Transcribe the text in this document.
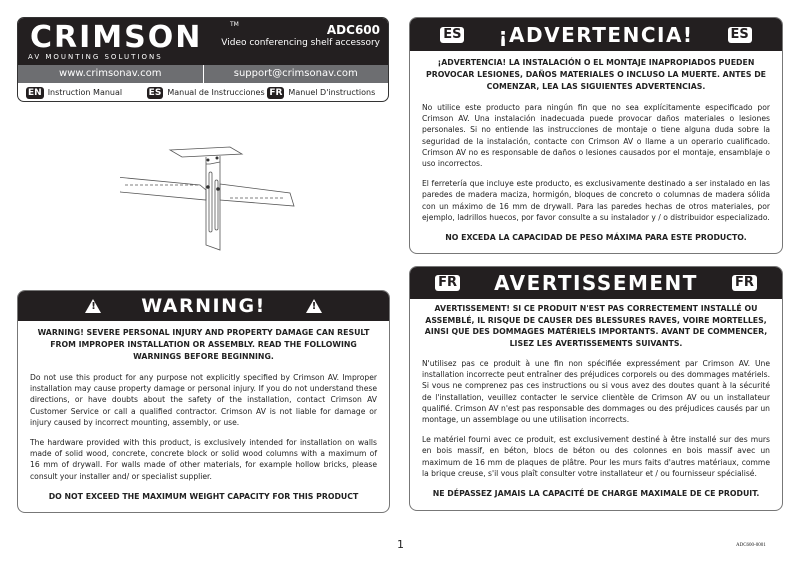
CRIMSON	TM
AV MOUNTING SOLUTIONS
ADC600
Video conferencing shelf accessory
www.crimsonav.com	support@crimsonav.com
EN Instruction Manual	ES Manual de Instrucciones FR Manuel D'instructions
! WARNING!	!
WARNING! SEVERE PERSONAL INJURY AND PROPERTY DAMAGE CAN RESULT FROM IMPROPER INSTALLATION OR ASSEMBLY. READ THE FOLLOWING WARNINGS BEFORE BEGINNING.

Do not use this product for any purpose not explicitly specified by Crimson AV. Improper installation may cause property damage or personal injury. If you do not understand these directions, or have doubts about the safety of the installation, contact Crimson AV Customer Service or call a qualified contractor. Crimson AV is not liable for damage or injury caused by incorrect mounting, assembly, or use.

The hardware provided with this product, is exclusively intended for installation on walls made of solid wood, concrete, concrete block or solid wood columns with a maximum of 16 mm of drywall. For walls made of other materials, for example hollow bricks, please consult your installer and/ or specialist supplier.

DO NOT EXCEED THE MAXIMUM WEIGHT CAPACITY FOR THIS PRODUCT
ES ¡ADVERTENCIA!	ES
¡ADVERTENCIA! LA INSTALACIÓN O EL MONTAJE INAPROPIADOS PUEDEN PROVOCAR LESIONES, DAÑOS MATERIALES O INCLUSO LA MUERTE. ANTES DE COMENZAR, LEA LAS SIGUIENTES ADVERTENCIAS.

No utilice este producto para ningún fin que no sea explícitamente especificado por Crimson AV. Una instalación inadecuada puede provocar daños materiales o lesiones personales. Si no entiende las instrucciones de montaje o tiene alguna duda sobre la seguridad de la instalación, contacte con Crimson AV o llame a un operario cualificado. Crimson AV no es responsable de daños o lesiones causados por el montaje, ensamblaje o uso incorrectos.

El ferretería que incluye este producto, es exclusivamente destinado a ser instalado en las paredes de madera maciza, hormigón, bloques de concreto o columnas de madera sólida con un máximo de 16 mm de drywall. Para las paredes hechas de otros materiales, por ejemplo, ladrillos huecos, por favor consulte a su instalador y / o distribuidor especializado.

NO EXCEDA LA CAPACIDAD DE PESO MÁXIMA PARA ESTE PRODUCTO.
FR AVERTISSEMENT	FR
AVERTISSEMENT! SI CE PRODUIT N'EST PAS CORRECTEMENT INSTALLÉ OU ASSEMBLÉ, IL RISQUE DE CAUSER DES BLESSURES RAVES, VOIRE MORTELLES, AINSI QUE DES DOMMAGES MATÉRIELS IMPORTANTS. AVANT DE COMMENCER, LISEZ LES AVERTISSEMENTS SUIVANTS.

N'utilisez pas ce produit à une fin non spécifiée expressément par Crimson AV. Une installation incorrecte peut entraîner des préjudices corporels ou des dommages matériels. Si vous ne comprenez pas ces instructions ou si vous avez des doutes quant à la sécurité de l'installation, veuillez contacter le service clientèle de Crimson AV ou un installateur qualifié. Crimson AV n'est pas responsable des dommages ou des préjudices causés par un montage, un assemblage ou une utilisation incorrects.

Le matériel fourni avec ce produit, est exclusivement destiné à être installé sur des murs en bois massif, en béton, blocs de béton ou des colonnes en bois massif avec un maximum de 16 mm de plaques de plâtre. Pour les murs faits d'autres matériaux, comme la brique creuse, s'il vous plaît consulter votre installateur et / ou fournisseur spécialisé.

NE DÉPASSEZ JAMAIS LA CAPACITÉ DE CHARGE MAXIMALE DE CE PRODUIT.
1	ADC600-0001
